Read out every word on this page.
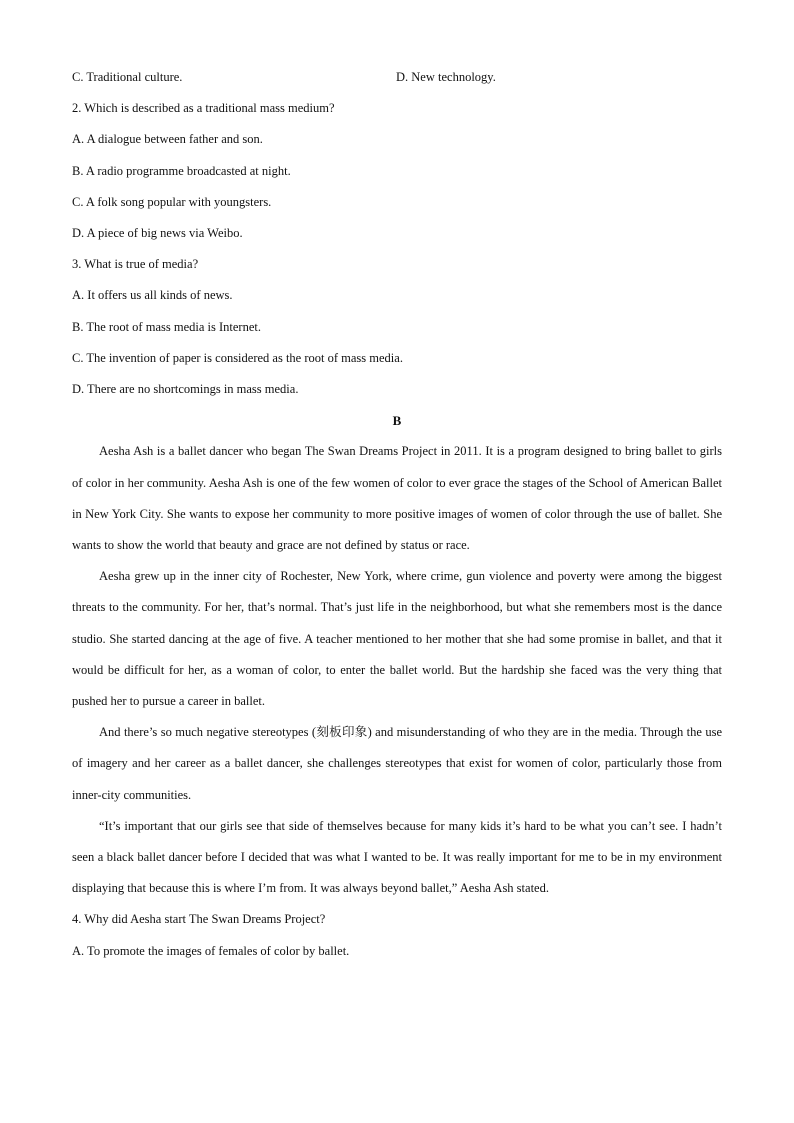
C. Traditional culture.	D. New technology.

2. Which is described as a traditional mass medium?

A. A dialogue between father and son.

B. A radio programme broadcasted at night.

C. A folk song popular with youngsters.

D. A piece of big news via Weibo.

3. What is true of media?

A. It offers us all kinds of news.

B. The root of mass media is Internet.

C. The invention of paper is considered as the root of mass media.

D. There are no shortcomings in mass media.

B

Aesha Ash is a ballet dancer who began The Swan Dreams Project in 2011. It is a program designed to bring ballet to girls of color in her community. Aesha Ash is one of the few women of color to ever grace the stages of the School of American Ballet in New York City. She wants to expose her community to more positive images of women of color through the use of ballet. She wants to show the world that beauty and grace are not defined by status or race.

Aesha grew up in the inner city of Rochester, New York, where crime, gun violence and poverty were among the biggest threats to the community. For her, that’s normal. That’s just life in the neighborhood, but what she remembers most is the dance studio. She started dancing at the age of five. A teacher mentioned to her mother that she had some promise in ballet, and that it would be difficult for her, as a woman of color, to enter the ballet world. But the hardship she faced was the very thing that pushed her to pursue a career in ballet.

And there’s so much negative stereotypes (刻板印象) and misunderstanding of who they are in the media. Through the use of imagery and her career as a ballet dancer, she challenges stereotypes that exist for women of color, particularly those from inner-city communities.

“It’s important that our girls see that side of themselves because for many kids it’s hard to be what you can’t see. I hadn’t seen a black ballet dancer before I decided that was what I wanted to be. It was really important for me to be in my environment displaying that because this is where I’m from. It was always beyond ballet,” Aesha Ash stated.

4. Why did Aesha start The Swan Dreams Project?

A. To promote the images of females of color by ballet.
